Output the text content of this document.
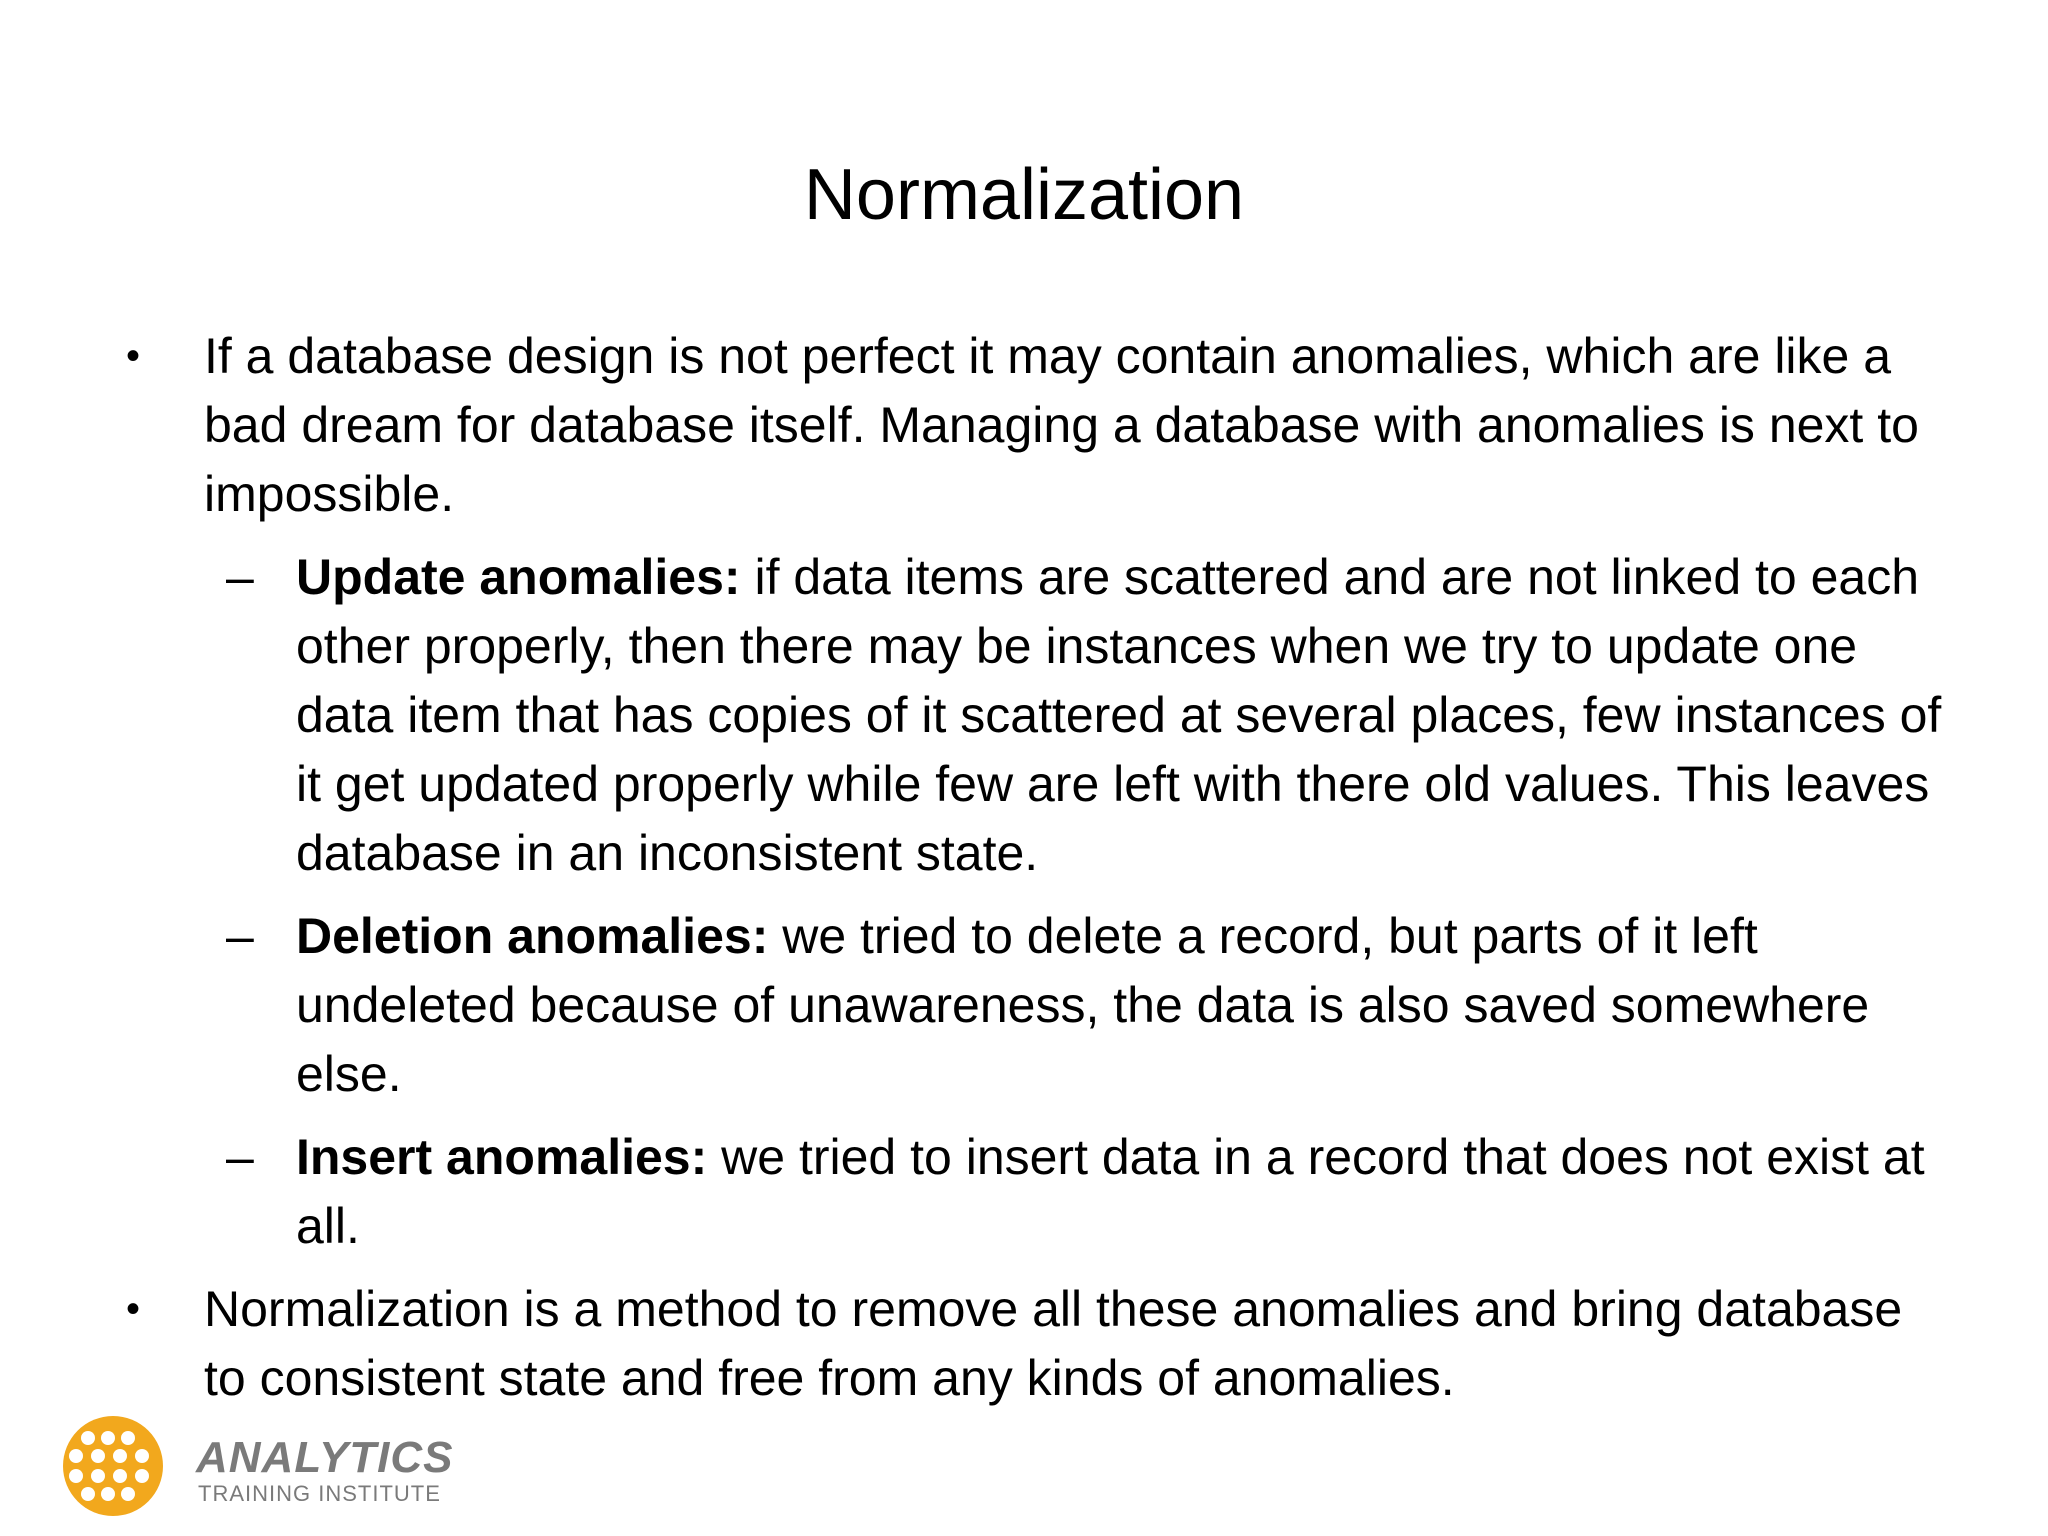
Normalization
• If a database design is not perfect it may contain anomalies, which are like a bad dream for database itself. Managing a database with anomalies is next to impossible.
– Update anomalies: if data items are scattered and are not linked to each other properly, then there may be instances when we try to update one data item that has copies of it scattered at several places, few instances of it get updated properly while few are left with there old values. This leaves database in an inconsistent state.
– Deletion anomalies: we tried to delete a record, but parts of it left undeleted because of unawareness, the data is also saved somewhere else.
– Insert anomalies: we tried to insert data in a record that does not exist at all.
• Normalization is a method to remove all these anomalies and bring database to consistent state and free from any kinds of anomalies.
ANALYTICS
TRAINING INSTITUTE
